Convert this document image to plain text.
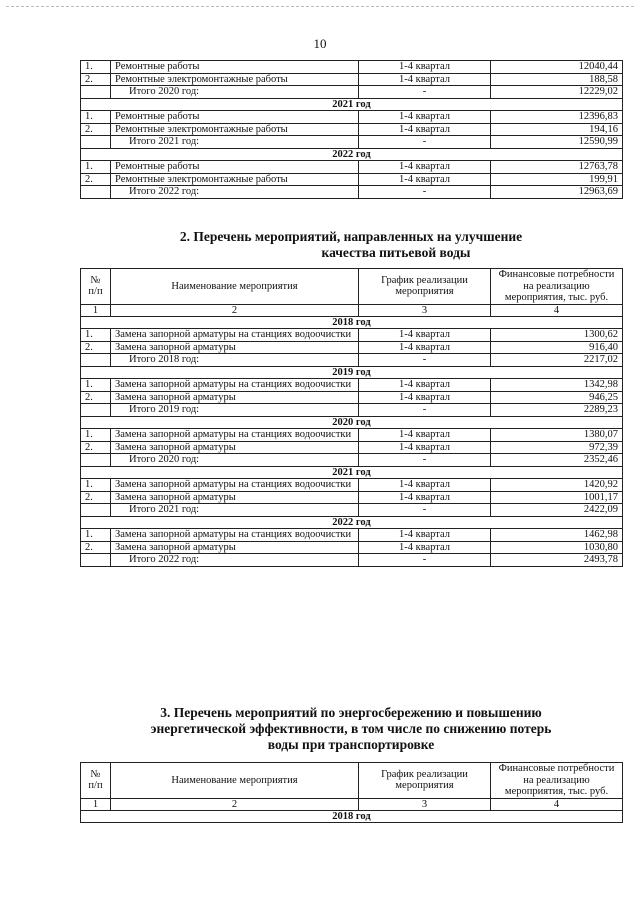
10
1.	Ремонтные работы	1-4 квартал	12040,44
2.	Ремонтные электромонтажные работы	1-4 квартал	188,58
	Итого 2020 год:	-	12229,02
2021 год			
1.	Ремонтные работы	1-4 квартал	12396,83
2.	Ремонтные электромонтажные работы	1-4 квартал	194,16
	Итого 2021 год:	-	12590,99
2022 год			
1.	Ремонтные работы	1-4 квартал	12763,78
2.	Ремонтные электромонтажные работы	1-4 квартал	199,91
	Итого 2022 год:	-	12963,69
2. Перечень мероприятий, направленных на улучшение
качества питьевой воды
№ п/п	Наименование мероприятия	График реализации мероприятия	Финансовые потребности на реализацию мероприятия, тыс. руб.
1	2	3	4
2018 год			
1.	Замена запорной арматуры на станциях водоочистки	1-4 квартал	1300,62
2.	Замена запорной арматуры	1-4 квартал	916,40
	Итого 2018 год:	-	2217,02
2019 год			
1.	Замена запорной арматуры на станциях водоочистки	1-4 квартал	1342,98
2.	Замена запорной арматуры	1-4 квартал	946,25
	Итого 2019 год:	-	2289,23
2020 год			
1.	Замена запорной арматуры на станциях водоочистки	1-4 квартал	1380,07
2.	Замена запорной арматуры	1-4 квартал	972,39
	Итого 2020 год:	-	2352,46
2021 год			
1.	Замена запорной арматуры на станциях водоочистки	1-4 квартал	1420,92
2.	Замена запорной арматуры	1-4 квартал	1001,17
	Итого 2021 год:	-	2422,09
2022 год			
1.	Замена запорной арматуры на станциях водоочистки	1-4 квартал	1462,98
2.	Замена запорной арматуры	1-4 квартал	1030,80
	Итого 2022 год:	-	2493,78
3. Перечень мероприятий по энергосбережению и повышению
энергетической эффективности, в том числе по снижению потерь
воды при транспортировке
№ п/п	Наименование мероприятия	График реализации мероприятия	Финансовые потребности на реализацию мероприятия, тыс. руб.
1	2	3	4
2018 год			
